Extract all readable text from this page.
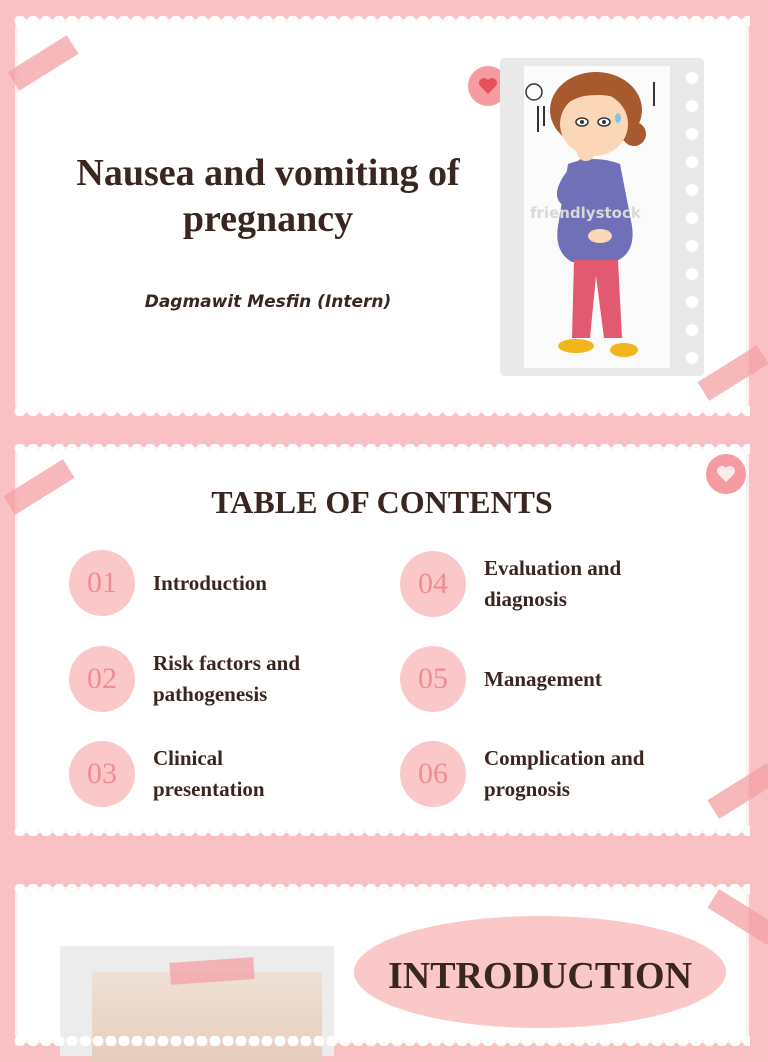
Nausea and vomiting of
pregnancy
Dagmawit Mesfin (Intern)
friendlystock
TABLE OF CONTENTS
01	Introduction
02	Risk factors and
pathogenesis
03	Clinical
presentation
04	Evaluation and
diagnosis
05	Management
06	Complication and
prognosis
INTRODUCTION
